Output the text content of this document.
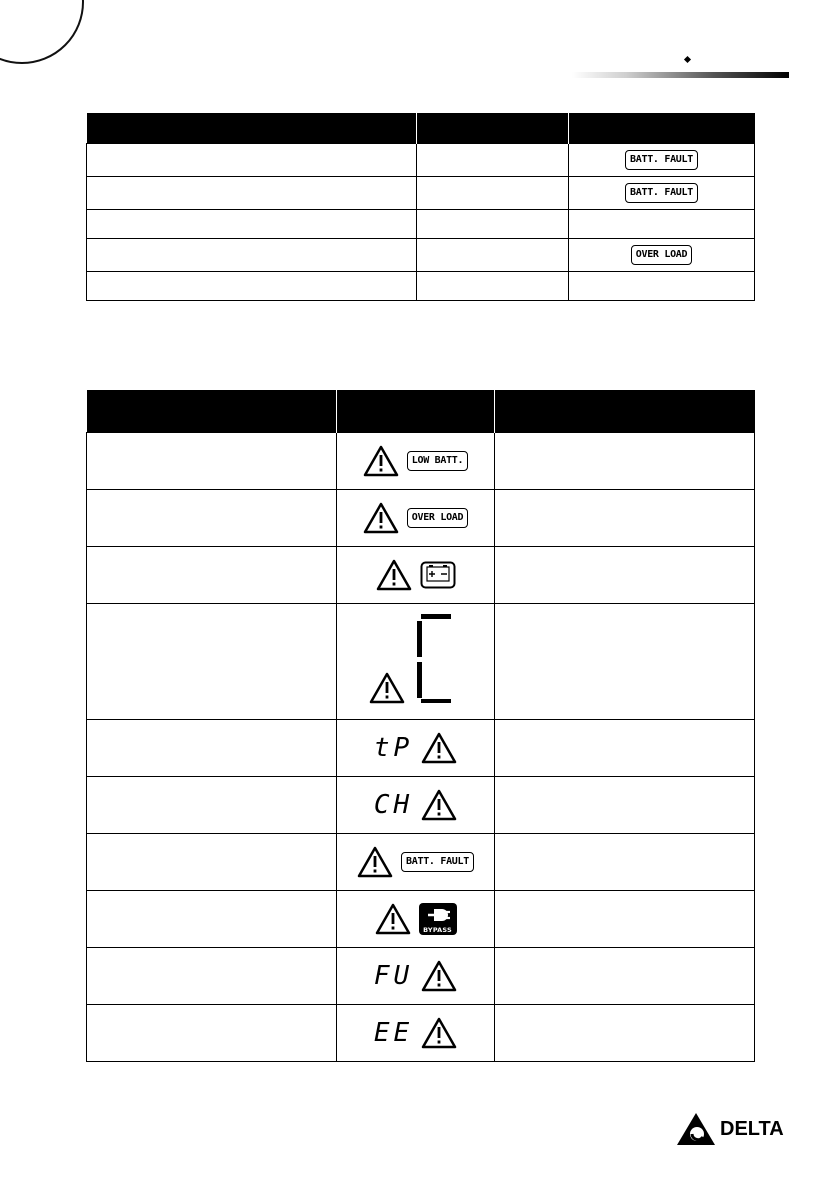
		BATT. FAULT
		BATT. FAULT

		OVER LOAD

	LOW BATT.	

	OVER LOAD	

	tP	

	CH	

	BATT. FAULT	

	BYPASS	

	FU	

	EE	

DELTA
